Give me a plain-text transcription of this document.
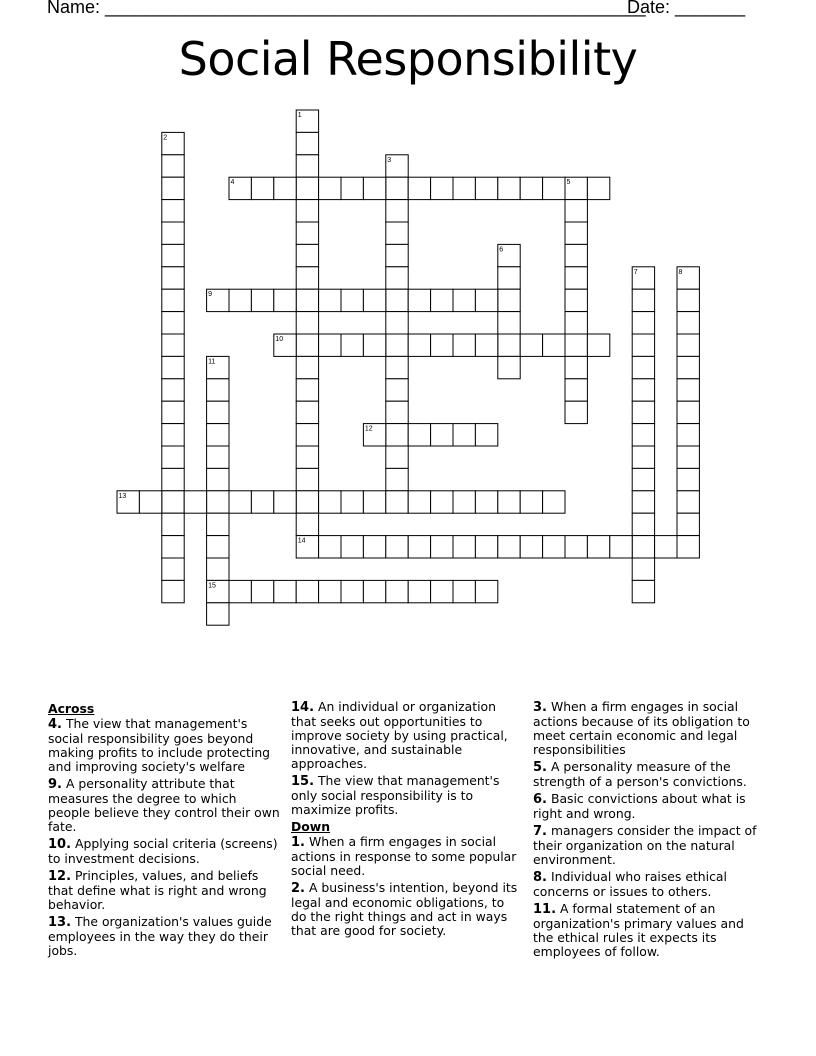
Name: ______________________________________________________
Date: _______
Social Responsibility
1
2
3
4	5
6
7	8
9
10
11
12
13
14
15
Across
4. The view that management's social responsibility goes beyond making profits to include protecting and improving society's welfare
9. A personality attribute that measures the degree to which people believe they control their own fate.
10. Applying social criteria (screens) to investment decisions.
12. Principles, values, and beliefs that define what is right and wrong behavior.
13. The organization's values guide employees in the way they do their jobs.
14. An individual or organization that seeks out opportunities to improve society by using practical, innovative, and sustainable approaches.
15. The view that management's only social responsibility is to maximize profits.
Down
1. When a firm engages in social actions in response to some popular social need.
2. A business's intention, beyond its legal and economic obligations, to do the right things and act in ways that are good for society.
3. When a firm engages in social actions because of its obligation to meet certain economic and legal responsibilities
5. A personality measure of the strength of a person's convictions.
6. Basic convictions about what is right and wrong.
7. managers consider the impact of their organization on the natural environment.
8. Individual who raises ethical concerns or issues to others.
11. A formal statement of an organization's primary values and the ethical rules it expects its employees of follow.
